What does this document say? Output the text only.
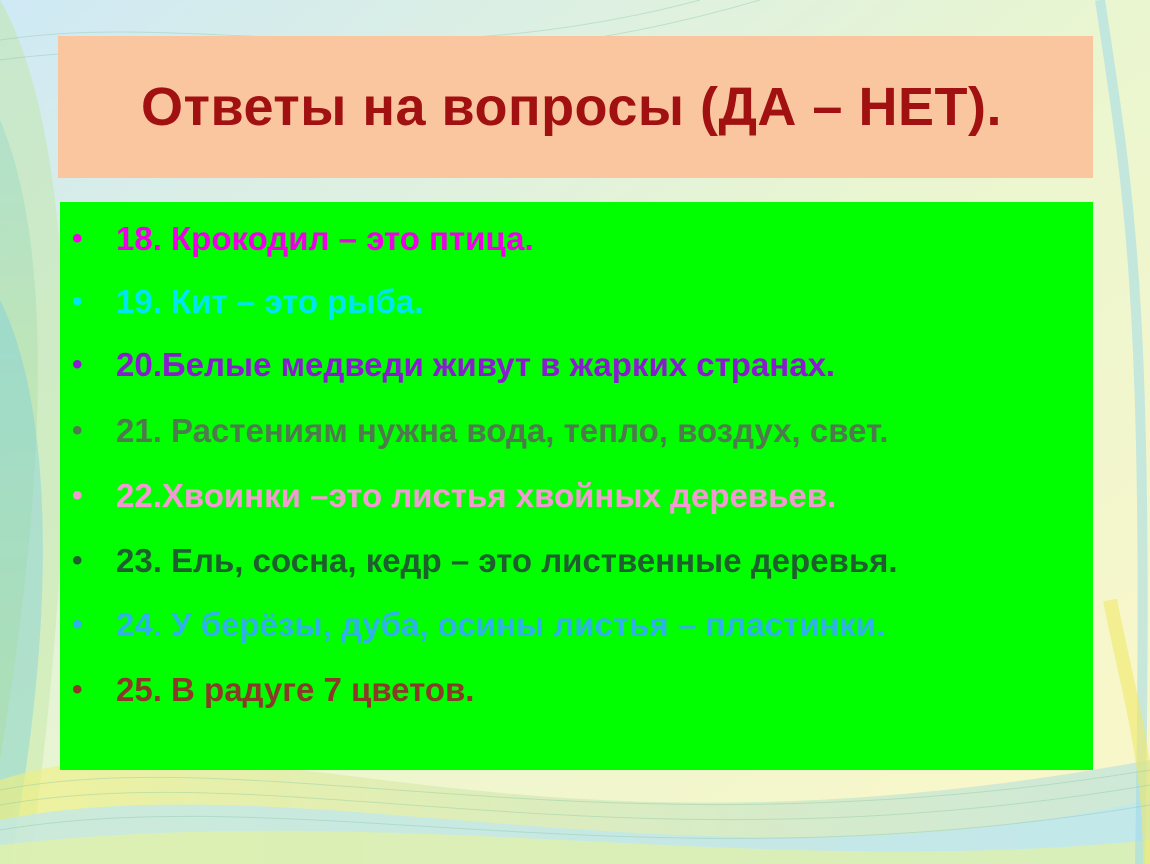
Ответы на вопросы (ДА – НЕТ).
•	18. Крокодил – это птица.
•	19. Кит – это рыба.
•	20.Белые медведи живут в жарких странах.
•	21. Растениям нужна вода, тепло, воздух, свет.
•	22.Хвоинки –это листья хвойных деревьев.
•	23. Ель, сосна, кедр – это лиственные деревья.
•	24. У берёзы, дуба, осины листья – пластинки.
•	25. В радуге 7 цветов.
